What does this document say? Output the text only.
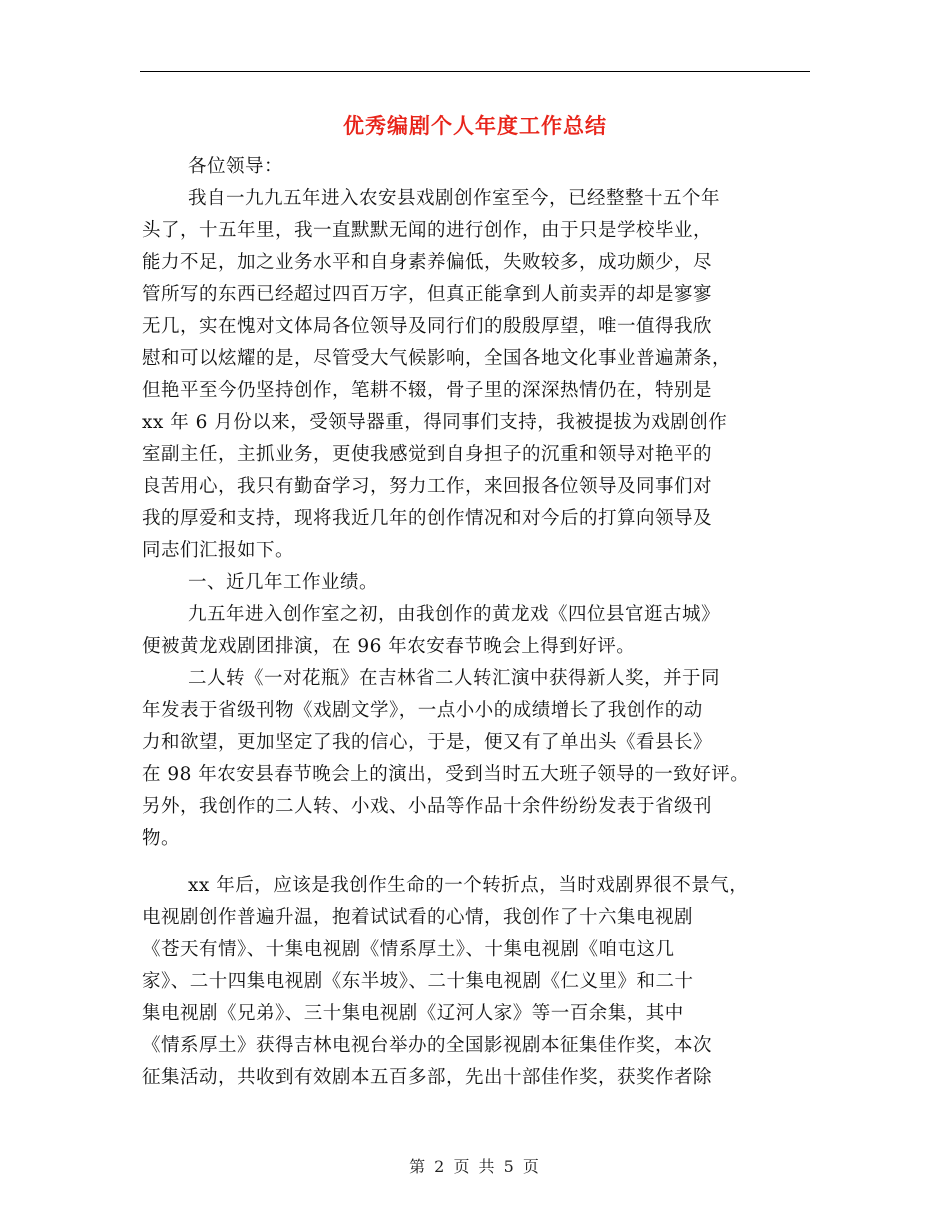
优秀编剧个人年度工作总结
各位领导：
我自一九九五年进入农安县戏剧创作室至今，已经整整十五个年
头了，十五年里，我一直默默无闻的进行创作，由于只是学校毕业，
能力不足，加之业务水平和自身素养偏低，失败较多，成功颇少，尽
管所写的东西已经超过四百万字，但真正能拿到人前卖弄的却是寥寥
无几，实在愧对文体局各位领导及同行们的殷殷厚望，唯一值得我欣
慰和可以炫耀的是，尽管受大气候影响，全国各地文化事业普遍萧条，
但艳平至今仍坚持创作，笔耕不辍，骨子里的深深热情仍在，特别是
xx 年 6 月份以来，受领导器重，得同事们支持，我被提拔为戏剧创作
室副主任，主抓业务，更使我感觉到自身担子的沉重和领导对艳平的
良苦用心，我只有勤奋学习，努力工作，来回报各位领导及同事们对
我的厚爱和支持，现将我近几年的创作情况和对今后的打算向领导及
同志们汇报如下。
一、近几年工作业绩。
九五年进入创作室之初，由我创作的黄龙戏《四位县官逛古城》
便被黄龙戏剧团排演，在 96 年农安春节晚会上得到好评。
二人转《一对花瓶》在吉林省二人转汇演中获得新人奖，并于同
年发表于省级刊物《戏剧文学》，一点小小的成绩增长了我创作的动
力和欲望，更加坚定了我的信心，于是，便又有了单出头《看县长》
在 98 年农安县春节晚会上的演出，受到当时五大班子领导的一致好评。
另外，我创作的二人转、小戏、小品等作品十余件纷纷发表于省级刊
物。
xx 年后，应该是我创作生命的一个转折点，当时戏剧界很不景气，
电视剧创作普遍升温，抱着试试看的心情，我创作了十六集电视剧
《苍天有情》、十集电视剧《情系厚土》、十集电视剧《咱屯这几
家》、二十四集电视剧《东半坡》、二十集电视剧《仁义里》和二十
集电视剧《兄弟》、三十集电视剧《辽河人家》等一百余集，其中
《情系厚土》获得吉林电视台举办的全国影视剧本征集佳作奖，本次
征集活动，共收到有效剧本五百多部，先出十部佳作奖，获奖作者除
第 2 页 共 5 页
